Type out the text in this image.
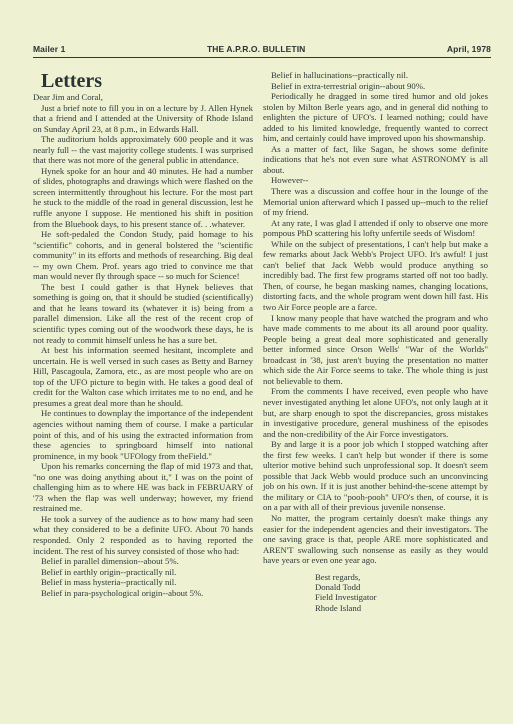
Mailer 1	THE A.P.R.O. BULLETIN	April, 1978

Letters

Dear Jim and Coral,

Just a brief note to fill you in on a lecture by J. Allen Hynek that a friend and I attended at the University of Rhode Island on Sunday April 23, at 8 p.m., in Edwards Hall.

The auditorium holds approximately 600 people and it was nearly full -- the vast majority college students. I was surprised that there was not more of the general public in attendance.

Hynek spoke for an hour and 40 minutes. He had a number of slides, photographs and drawings which were flashed on the screen intermittently throughout his lecture. For the most part he stuck to the middle of the road in general discussion, lest he ruffle anyone I suppose. He mentioned his shift in position from the Bluebook days, to his present stance of. . .whatever.

He soft-pedaled the Condon Study, paid homage to his "scientific" cohorts, and in general bolstered the "scientific community" in its efforts and methods of researching. Big deal -- my own Chem. Prof. years ago tried to convince me that man would never fly through space -- so much for Science!

The best I could gather is that Hynek believes that something is going on, that it should be studied (scientifically) and that he leans toward its (whatever it is) being from a parallel dimension. Like all the rest of the recent crop of scientific types coming out of the woodwork these days, he is not ready to commit himself unless he has a sure bet.

At best his information seemed hesitant, incomplete and uncertain. He is well versed in such cases as Betty and Barney Hill, Pascagoula, Zamora, etc., as are most people who are on top of the UFO picture to begin with. He takes a good deal of credit for the Walton case which irritates me to no end, and he presumes a great deal more than he should.

He continues to downplay the importance of the independent agencies without naming them of course. I make a particular point of this, and of his using the extracted information from these agencies to springboard himself into national prominence, in my book "UFOlogy from theField."

Upon his remarks concerning the flap of mid 1973 and that, "no one was doing anything about it," I was on the point of challenging him as to where HE was back in FEBRUARY of '73 when the flap was well underway; however, my friend restrained me.

He took a survey of the audience as to how many had seen what they considered to be a definite UFO. About 70 hands responded. Only 2 responded as to having reported the incident. The rest of his survey consisted of those who had:

Belief in parallel dimension--about 5%.

Belief in earthly origin--practically nil.

Belief in mass hysteria--practically nil.

Belief in para-psychological origin--about 5%.

Belief in hallucinations--practically nil.

Belief in extra-terrestrial origin--about 90%.

Periodically he dragged in some tired humor and old jokes stolen by Milton Berle years ago, and in general did nothing to enlighten the picture of UFO's. I learned nothing; could have added to his limited knowledge, frequently wanted to correct him, and certainly could have improved upon his showmanship.

As a matter of fact, like Sagan, he shows some definite indications that he's not even sure what ASTRONOMY is all about.

However--

There was a discussion and coffee hour in the lounge of the Memorial union afterward which I passed up--much to the relief of my friend.

At any rate, I was glad I attended if only to observe one more pompous PhD scattering his lofty unfertile seeds of Wisdom!

While on the subject of presentations, I can't help but make a few remarks about Jack Webb's Project UFO. It's awful! I just can't belief that Jack Webb would produce anything so incredibly bad. The first few programs started off not too badly. Then, of course, he began masking names, changing locations, distorting facts, and the whole program went down hill fast. His two Air Force people are a farce.

I know many people that have watched the program and who have made comments to me about its all around poor quality. People being a great deal more sophisticated and generally better informed since Orson Wells' "War of the Worlds" broadcast in '38, just aren't buying the presentation no matter which side the Air Force seems to take. The whole thing is just not believable to them.

From the comments I have received, even people who have never investigated anything let alone UFO's, not only laugh at it but, are sharp enough to spot the discrepancies, gross mistakes in investigative procedure, general mushiness of the episodes and the non-credibility of the Air Force investigators.

By and large it is a poor job which I stopped watching after the first few weeks. I can't help but wonder if there is some ulterior motive behind such unprofessional sop. It doesn't seem possible that Jack Webb would produce such an unconvincing job on his own. If it is just another behind-the-scene attempt by the military or CIA to "pooh-pooh" UFO's then, of course, it is on a par with all of their previous juvenile nonsense.

No matter, the program certainly doesn't make things any easier for the independent agencies and their investigators. The one saving grace is that, people ARE more sophisticated and AREN'T swallowing such nonsense as easily as they would have years or even one year ago.

Best regards,
Donald Todd
Field Investigator
Rhode Island
